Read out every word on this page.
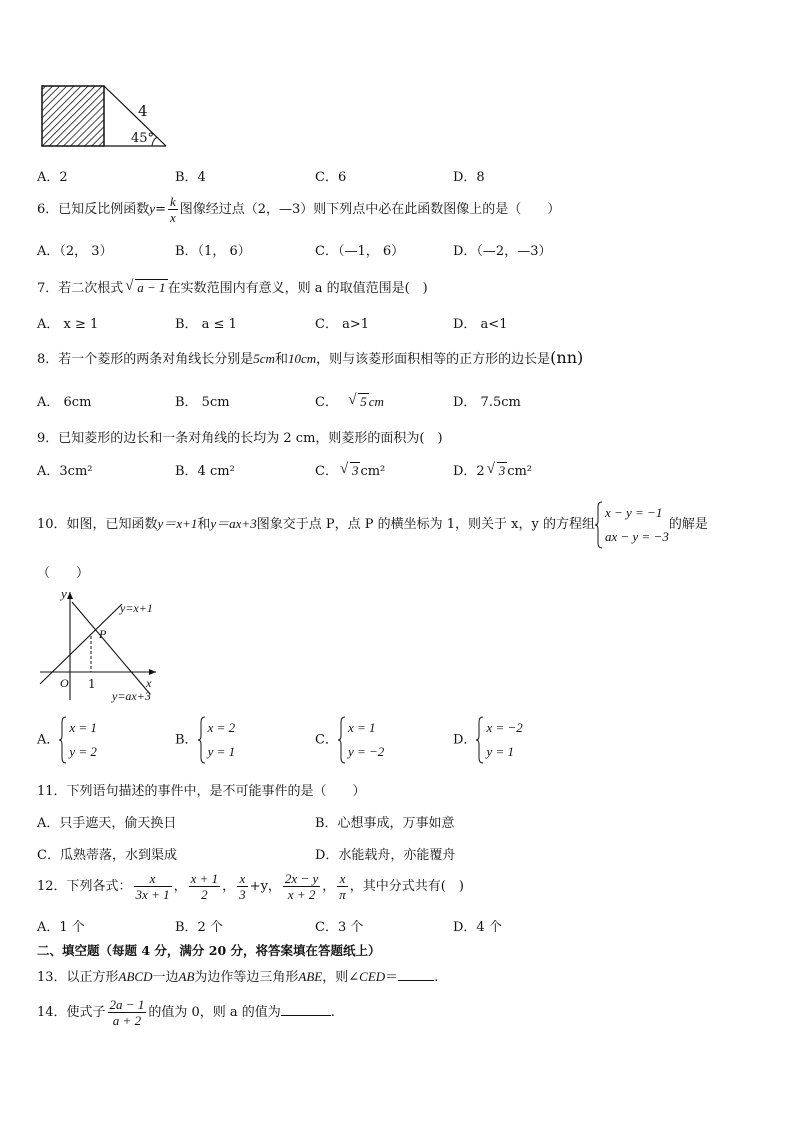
4
45°
A．2	B．4	C．6	D．8
6．已知反比例函数$y= \frac{k}{x}$ 图像经过点（2，—3）则下列点中必在此函数图像上的是（　　）
A．（2， 3）	B．（1， 6）	C．（—1， 6）	D．（—2，—3）
7．若二次根式 √ a − 1 在实数范围内有意义，则 a 的取值范围是(　)
A． x ≥ 1	B． a ≤ 1	C． a>1	D． a<1
8．若一个菱形的两条对角线长分别是5cm和10cm，则与该菱形面积相等的正方形的边长是(nn)
A． 6cm	B． 5cm	C． √ 5 cm	D． 7.5cm
9．已知菱形的边长和一条对角线的长均为 2 cm，则菱形的面积为(　)
A．3cm²	B．4 cm²	C． √ 3 cm²	D．2 √ 3 cm²
10．如图，已知函数y＝x+1和y＝ax+3图象交于点 P，点 P 的横坐标为 1，则关于 x，y 的方程组
x − y = −1
ax − y = −3
的解是
（　　）
y
P
y=x+1
O 1	x
y=ax+3
A．
x = 1
y = 2
B．
x = 2
y = 1
C．
x = 1
y = −2
D．
x = −2
y = 1
11．下列语句描述的事件中，是不可能事件的是（　　）
A．只手遮天，偷天换日	B．心想事成，万事如意
C．瓜熟蒂落，水到渠成	D．水能载舟，亦能覆舟
12．下列各式： $\frac{x}{3x + 1}$ ， $\frac{x + 1}{2}$ ， $\frac{x}{3} +y$， $\frac{2x - y}{x + 2}$ ， $\frac{x}{\pi}$ ，其中分式共有(　)
A．1 个	B．2 个	C．3 个	D．4 个
二、填空题（每题 4 分，满分 20 分，将答案填在答题纸上）
13．以正方形ABCD一边AB为边作等边三角形ABE，则∠CED＝	.
14．使式子 $\frac{2a - 1}{a + 2}$ 的值为 0，则 a 的值为	.
